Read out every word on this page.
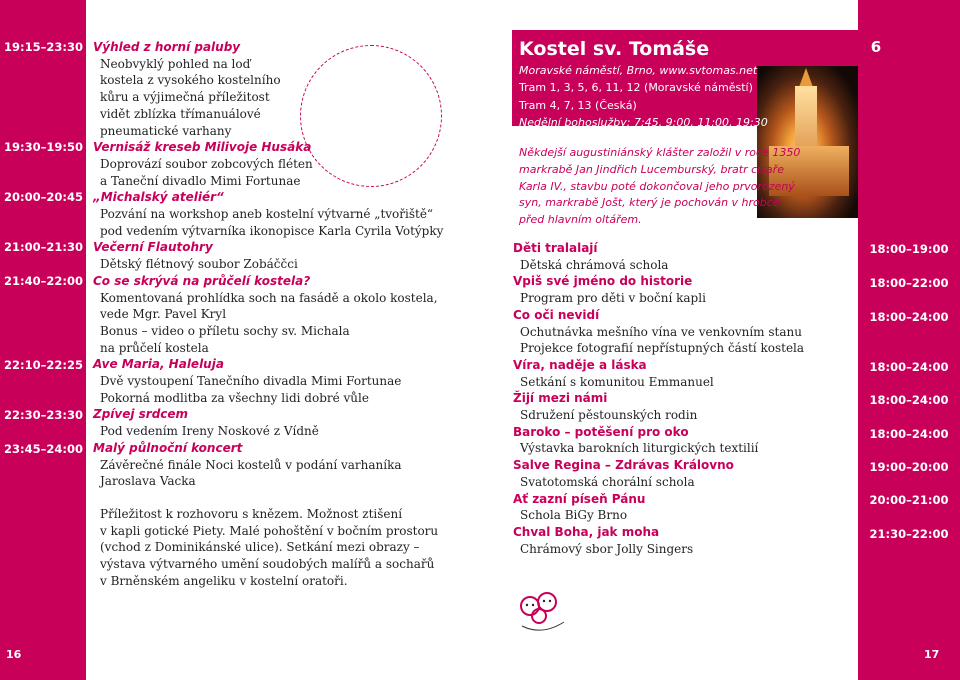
19:15–23:30
19:30–19:50
20:00–20:45
21:00–21:30
21:40–22:00
22:10–22:25
22:30–23:30
23:45–24:00
16
Výhled z horní paluby
Neobvyklý pohled na loď
kostela z vysokého kostelního
kůru a výjimečná příležitost
vidět zblízka třímanuálové
pneumatické varhany
Vernisáž kreseb Milivoje Husáka
Doprovází soubor zobcových fléten
a Taneční divadlo Mimi Fortunae
„Michalský ateliér“
Pozvání na workshop aneb kostelní výtvarné „tvořiště“
pod vedením výtvarníka ikonopisce Karla Cyrila Votýpky
Večerní Flautohry
Dětský flétnový soubor Zobáččci
Co se skrývá na průčelí kostela?
Komentovaná prohlídka soch na fasádě a okolo kostela,
vede Mgr. Pavel Kryl
Bonus – video o příletu sochy sv. Michala
na průčelí kostela
Ave Maria, Haleluja
Dvě vystoupení Tanečního divadla Mimi Fortunae
Pokorná modlitba za všechny lidi dobré vůle
Zpívej srdcem
Pod vedením Ireny Noskové z Vídně
Malý půlnoční koncert
Závěrečné finále Noci kostelů v podání varhaníka
Jaroslava Vacka
Příležitost k rozhovoru s knězem. Možnost ztišení
v kapli gotické Piety. Malé pohoštění v bočním prostoru
(vchod z Dominikánské ulice). Setkání mezi obrazy –
výstava výtvarného umění soudobých malířů a sochařů
v Brněnském angeliku v kostelní oratoři.
6
Kostel sv. Tomáše
Moravské náměstí, Brno, www.svtomas.net
Tram 1, 3, 5, 6, 11, 12 (Moravské náměstí)
Tram 4, 7, 13 (Česká)
Nedělní bohoslužby: 7:45, 9:00, 11:00, 19:30
Někdejší augustiniánský klášter založil v roce 1350
markrabě Jan Jindřich Lucemburský, bratr císaře
Karla IV., stavbu poté dokončoval jeho prvorozený
syn, markrabě Jošt, který je pochován v hrobce
před hlavním oltářem.
Děti tralalají
Dětská chrámová schola
Vpiš své jméno do historie
Program pro děti v boční kapli
Co oči nevidí
Ochutnávka mešního vína ve venkovním stanu
Projekce fotografií nepřístupných částí kostela
Víra, naděje a láska
Setkání s komunitou Emmanuel
Žijí mezi námi
Sdružení pěstounských rodin
Baroko – potěšení pro oko
Výstavka barokních liturgických textilií
Salve Regina – Zdrávas Královno
Svatotomská chorální schola
Ať zazní píseň Pánu
Schola BiGy Brno
Chval Boha, jak moha
Chrámový sbor Jolly Singers
18:00–19:00
18:00–22:00
18:00–24:00
18:00–24:00
18:00–24:00
18:00–24:00
19:00–20:00
20:00–21:00
21:30–22:00
17
